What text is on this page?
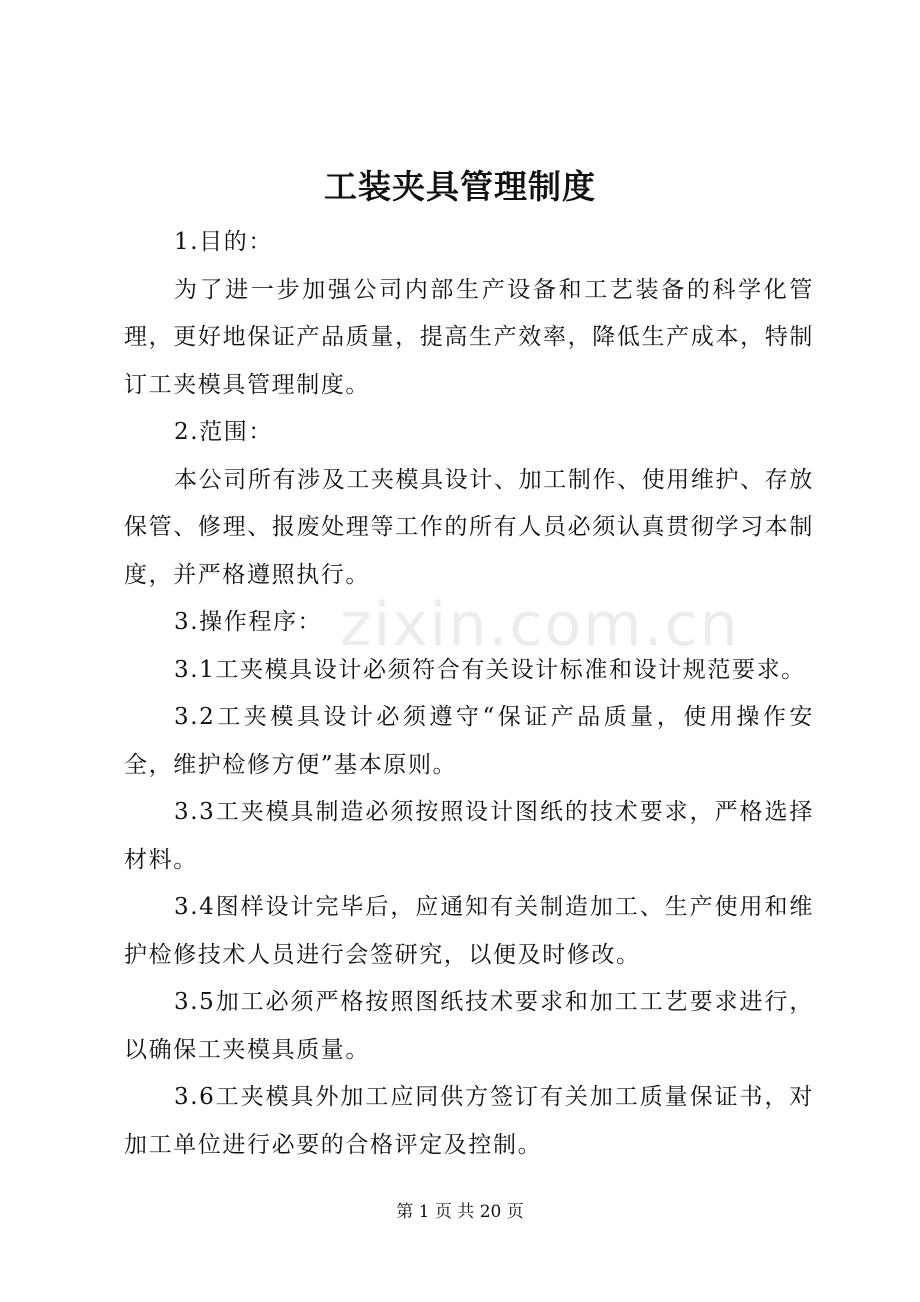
zixin.com.cn
工装夹具管理制度

1.目的：

为了进一步加强公司内部生产设备和工艺装备的科学化管理，更好地保证产品质量，提高生产效率，降低生产成本，特制订工夹模具管理制度。

2.范围：

本公司所有涉及工夹模具设计、加工制作、使用维护、存放保管、修理、报废处理等工作的所有人员必须认真贯彻学习本制度，并严格遵照执行。

3.操作程序：

3.1工夹模具设计必须符合有关设计标准和设计规范要求。

3.2工夹模具设计必须遵守“保证产品质量，使用操作安全，维护检修方便”基本原则。

3.3工夹模具制造必须按照设计图纸的技术要求，严格选择材料。

3.4图样设计完毕后，应通知有关制造加工、生产使用和维护检修技术人员进行会签研究，以便及时修改。

3.5加工必须严格按照图纸技术要求和加工工艺要求进行，以确保工夹模具质量。

3.6工夹模具外加工应同供方签订有关加工质量保证书，对加工单位进行必要的合格评定及控制。

第 1 页 共 20 页
